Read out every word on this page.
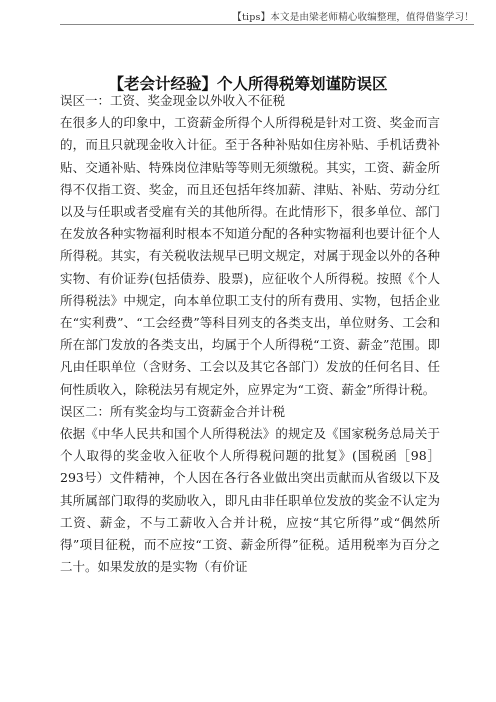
【tips】本文是由梁老师精心收编整理，值得借鉴学习！
【老会计经验】个人所得税筹划谨防误区
误区一：工资、奖金现金以外收入不征税

在很多人的印象中，工资薪金所得个人所得税是针对工资、奖金而言的，而且只就现金收入计征。至于各种补贴如住房补贴、手机话费补贴、交通补贴、特殊岗位津贴等等则无须缴税。其实，工资、薪金所得不仅指工资、奖金，而且还包括年终加薪、津贴、补贴、劳动分红以及与任职或者受雇有关的其他所得。在此情形下，很多单位、部门在发放各种实物福利时根本不知道分配的各种实物福利也要计征个人所得税。其实，有关税收法规早已明文规定，对属于现金以外的各种实物、有价证券(包括债券、股票)，应征收个人所得税。按照《个人所得税法》中规定，向本单位职工支付的所有费用、实物，包括企业在“实利费”、“工会经费”等科目列支的各类支出，单位财务、工会和所在部门发放的各类支出，均属于个人所得税“工资、薪金”范围。即凡由任职单位（含财务、工会以及其它各部门）发放的任何名目、任何性质收入，除税法另有规定外，应界定为“工资、薪金”所得计税。

误区二：所有奖金均与工资薪金合并计税

依据《中华人民共和国个人所得税法》的规定及《国家税务总局关于个人取得的奖金收入征收个人所得税问题的批复》(国税函［98］293号）文件精神，个人因在各行各业做出突出贡献而从省级以下及其所属部门取得的奖励收入，即凡由非任职单位发放的奖金不认定为工资、薪金，不与工薪收入合并计税，应按“其它所得”或“偶然所得”项目征税，而不应按“工资、薪金所得”征税。适用税率为百分之二十。如果发放的是实物（有价证
